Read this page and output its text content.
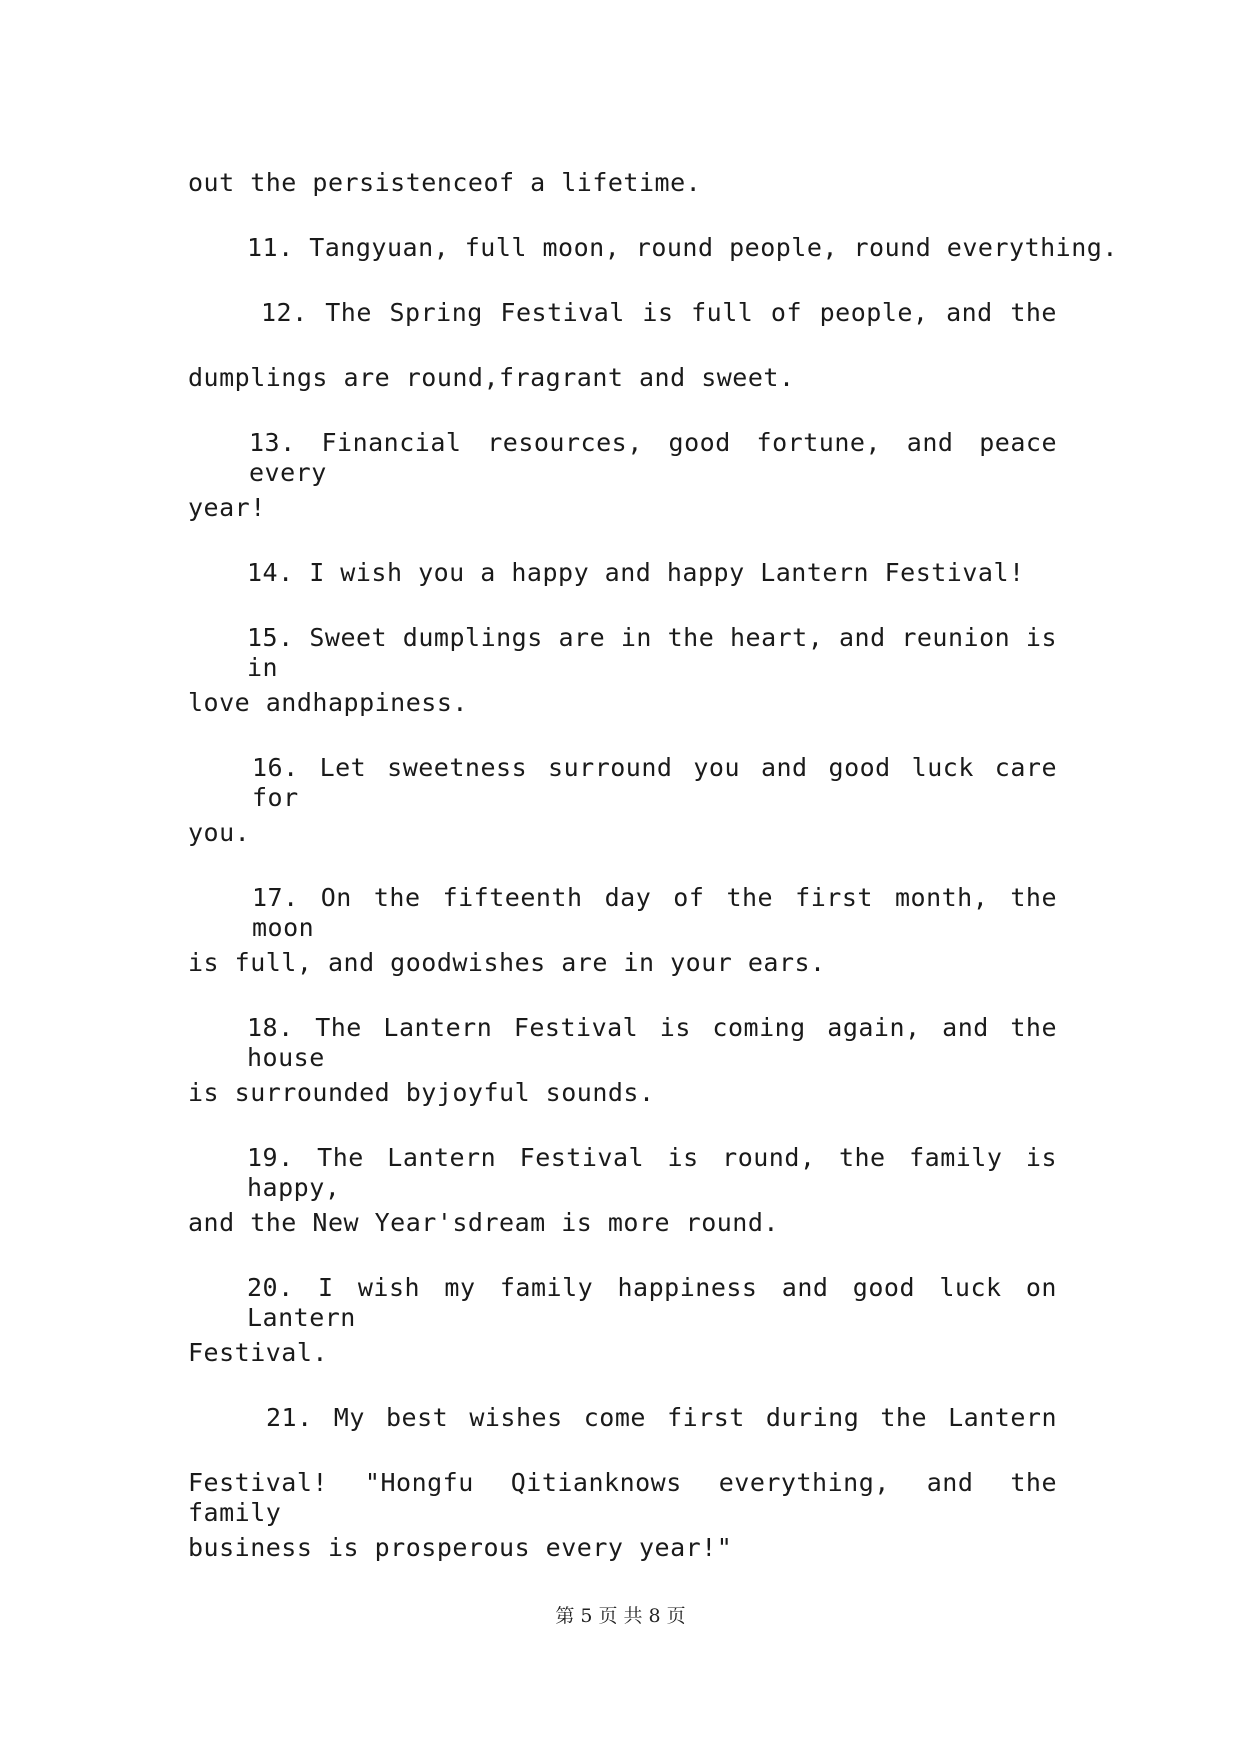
out the persistenceof a lifetime.
11. Tangyuan, full moon, round people, round everything.
12. The Spring Festival is full of people, and the
dumplings are round,fragrant and sweet.
13. Financial resources, good fortune, and peace every
year!
14. I wish you a happy and happy Lantern Festival!
15. Sweet dumplings are in the heart, and reunion is in
love andhappiness.
16. Let sweetness surround you and good luck care for
you.
17. On the fifteenth day of the first month, the moon
is full, and goodwishes are in your ears.
18. The Lantern Festival is coming again, and the house
is surrounded byjoyful sounds.
19. The Lantern Festival is round, the family is happy,
and the New Year'sdream is more round.
20. I wish my family happiness and good luck on Lantern
Festival.
21. My best wishes come first during the Lantern
Festival! "Hongfu Qitianknows everything, and the family
business is prosperous every year!"
第 5 页 共 8 页
